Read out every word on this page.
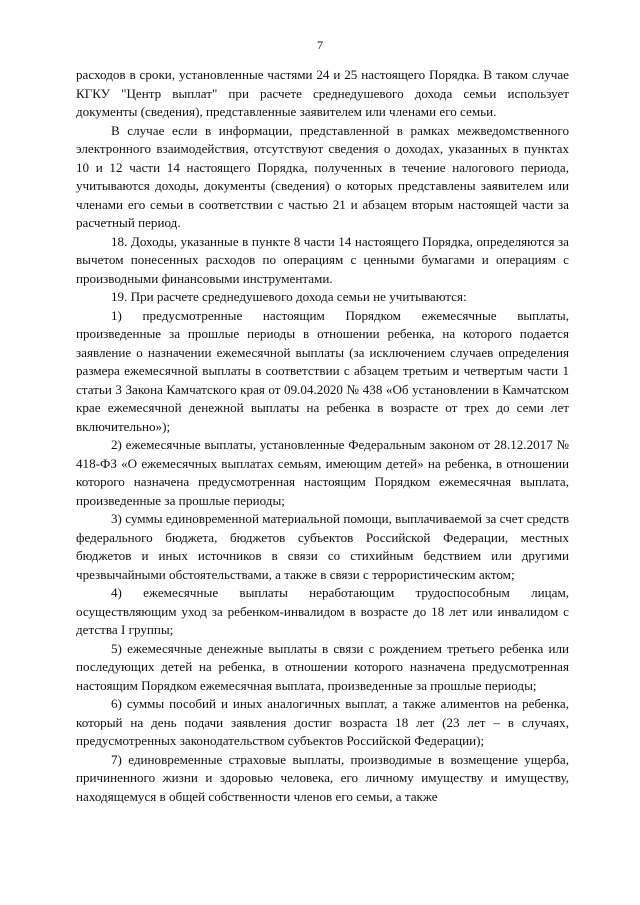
7

расходов в сроки, установленные частями 24 и 25 настоящего Порядка. В таком случае КГКУ "Центр выплат" при расчете среднедушевого дохода семьи использует документы (сведения), представленные заявителем или членами его семьи.

В случае если в информации, представленной в рамках межведомственного электронного взаимодействия, отсутствуют сведения о доходах, указанных в пунктах 10 и 12 части 14 настоящего Порядка, полученных в течение налогового периода, учитываются доходы, документы (сведения) о которых представлены заявителем или членами его семьи в соответствии с частью 21 и абзацем вторым настоящей части за расчетный период.

18. Доходы, указанные в пункте 8 части 14 настоящего Порядка, определяются за вычетом понесенных расходов по операциям с ценными бумагами и операциям с производными финансовыми инструментами.

19. При расчете среднедушевого дохода семьи не учитываются:

1) предусмотренные настоящим Порядком ежемесячные выплаты, произведенные за прошлые периоды в отношении ребенка, на которого подается заявление о назначении ежемесячной выплаты (за исключением случаев определения размера ежемесячной выплаты в соответствии с абзацем третьим и четвертым части 1 статьи 3 Закона Камчатского края от 09.04.2020 № 438 «Об установлении в Камчатском крае ежемесячной денежной выплаты на ребенка в возрасте от трех до семи лет включительно»);

2) ежемесячные выплаты, установленные Федеральным законом от 28.12.2017 № 418-ФЗ «О ежемесячных выплатах семьям, имеющим детей» на ребенка, в отношении которого назначена предусмотренная настоящим Порядком ежемесячная выплата, произведенные за прошлые периоды;

3) суммы единовременной материальной помощи, выплачиваемой за счет средств федерального бюджета, бюджетов субъектов Российской Федерации, местных бюджетов и иных источников в связи со стихийным бедствием или другими чрезвычайными обстоятельствами, а также в связи с террористическим актом;

4) ежемесячные выплаты неработающим трудоспособным лицам, осуществляющим уход за ребенком-инвалидом в возрасте до 18 лет или инвалидом с детства I группы;

5) ежемесячные денежные выплаты в связи с рождением третьего ребенка или последующих детей на ребенка, в отношении которого назначена предусмотренная настоящим Порядком ежемесячная выплата, произведенные за прошлые периоды;

6) суммы пособий и иных аналогичных выплат, а также алиментов на ребенка, который на день подачи заявления достиг возраста 18 лет (23 лет – в случаях, предусмотренных законодательством субъектов Российской Федерации);

7) единовременные страховые выплаты, производимые в возмещение ущерба, причиненного жизни и здоровью человека, его личному имуществу и имуществу, находящемуся в общей собственности членов его семьи, а также
